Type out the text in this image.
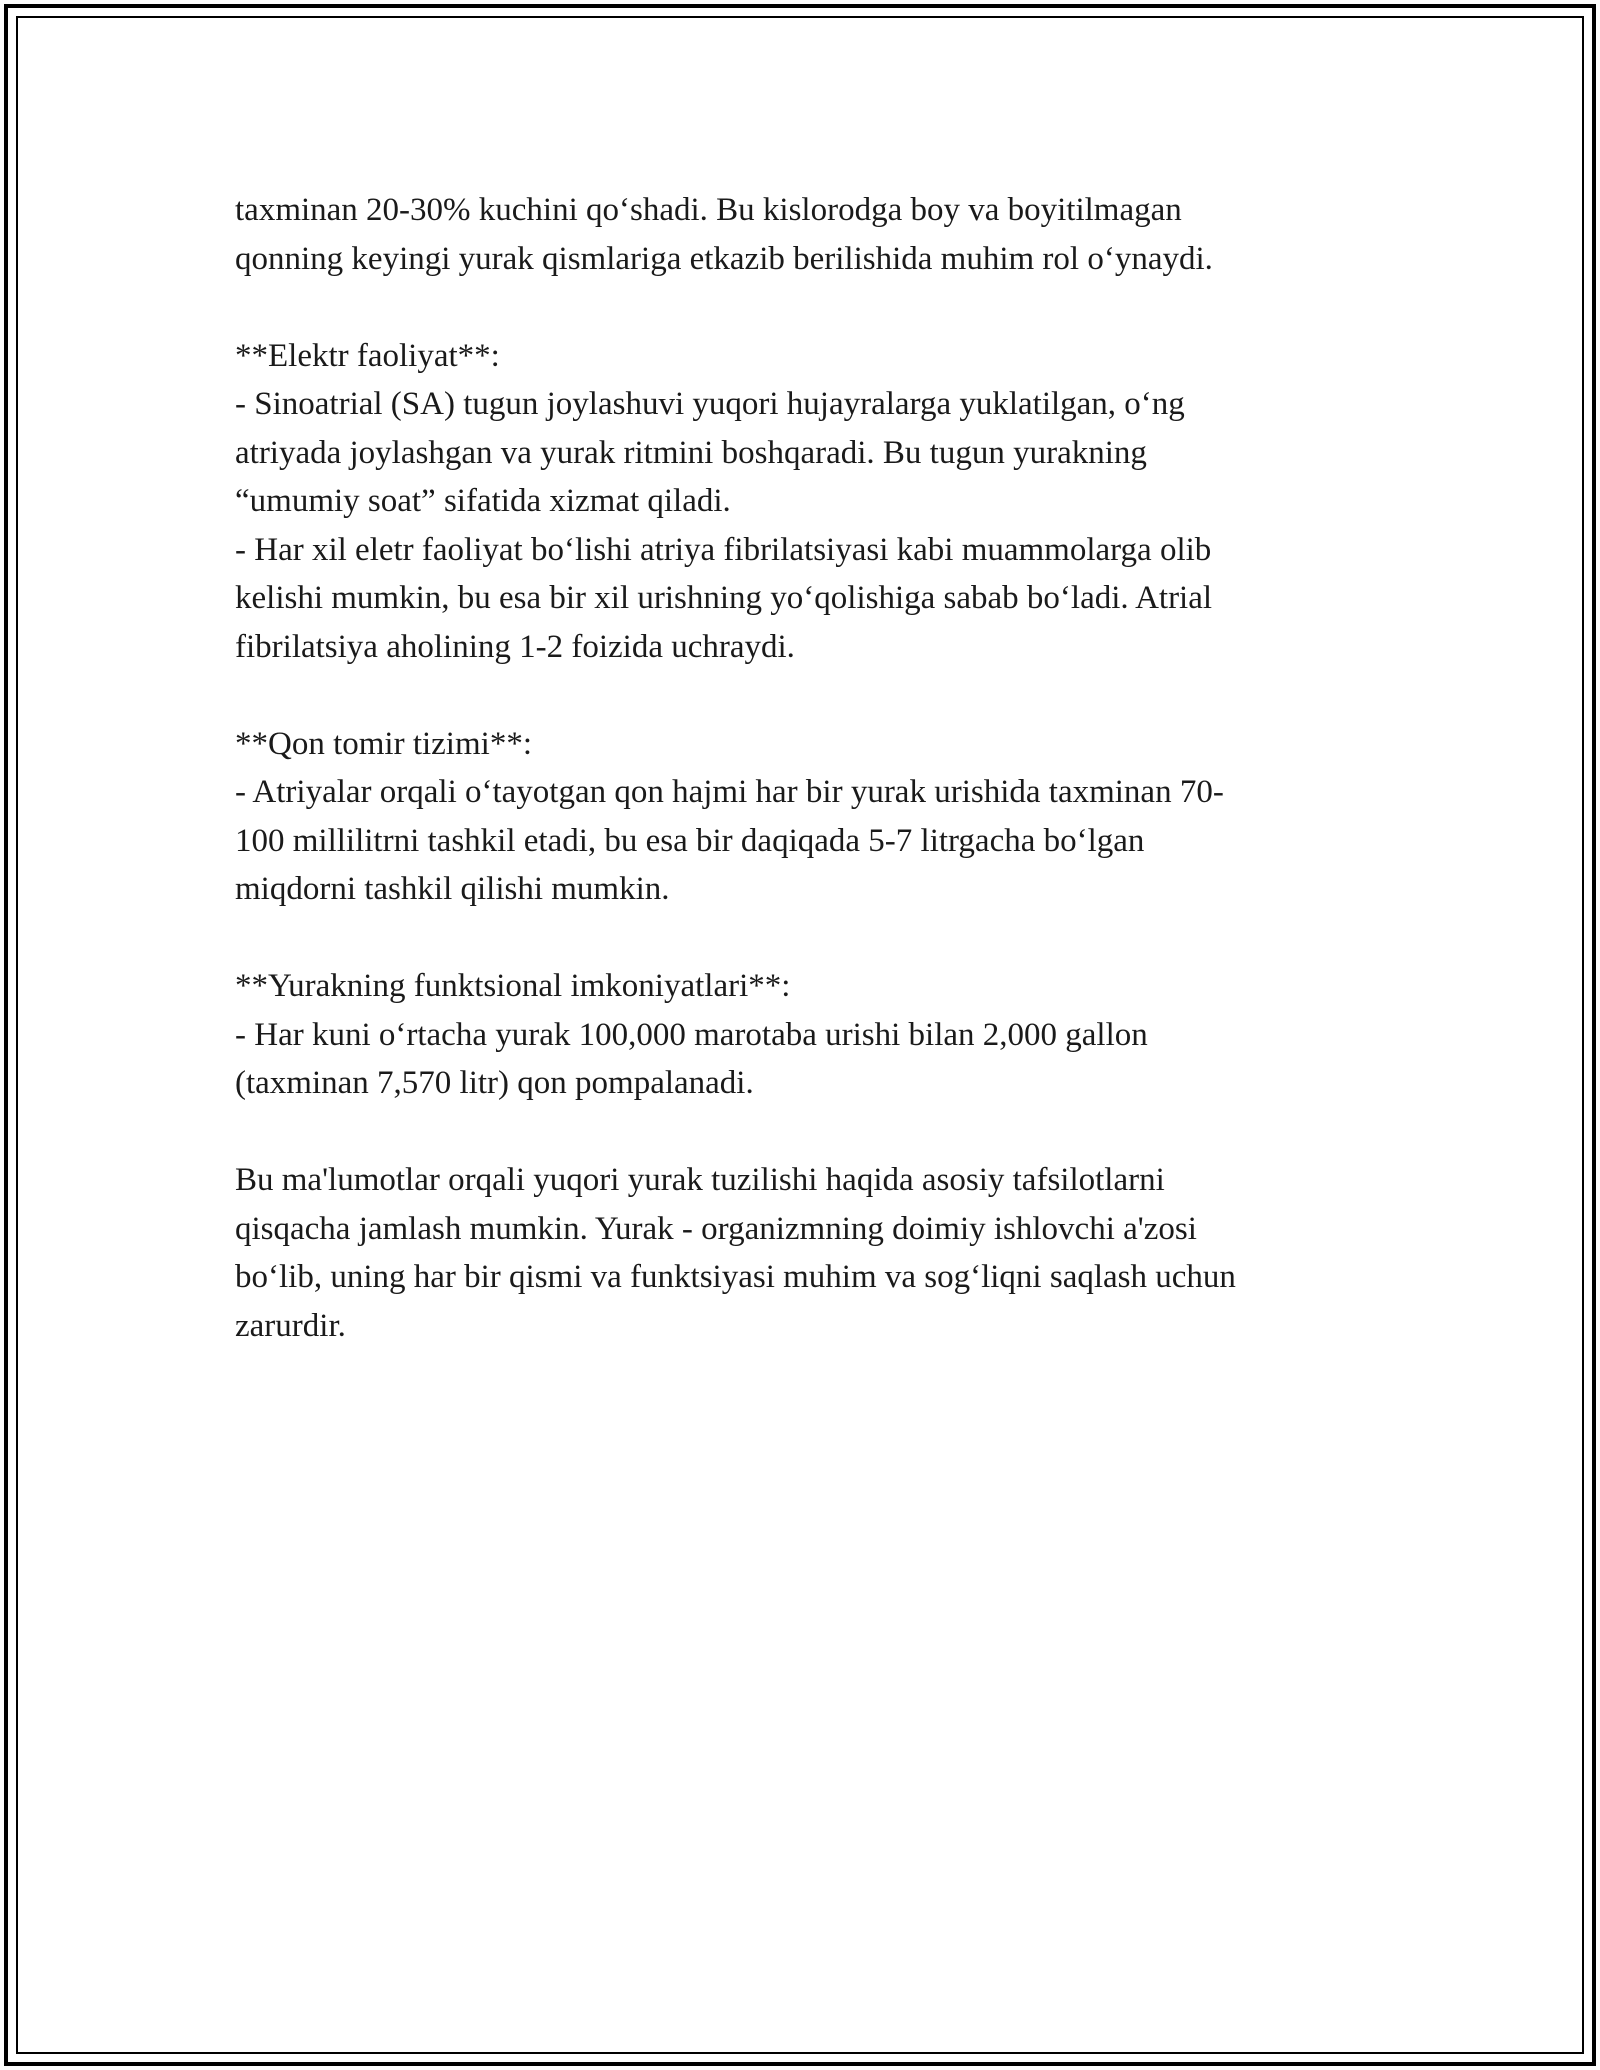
taxminan 20-30% kuchini qo‘shadi. Bu kislorodga boy va boyitilmagan
qonning keyingi yurak qismlariga etkazib berilishida muhim rol o‘ynaydi.

**Elektr faoliyat**:
- Sinoatrial (SA) tugun joylashuvi yuqori hujayralarga yuklatilgan, o‘ng
atriyada joylashgan va yurak ritmini boshqaradi. Bu tugun yurakning
“umumiy soat” sifatida xizmat qiladi.
- Har xil eletr faoliyat bo‘lishi atriya fibrilatsiyasi kabi muammolarga olib
kelishi mumkin, bu esa bir xil urishning yo‘qolishiga sabab bo‘ladi. Atrial
fibrilatsiya aholining 1-2 foizida uchraydi.

**Qon tomir tizimi**:
- Atriyalar orqali o‘tayotgan qon hajmi har bir yurak urishida taxminan 70-
100 millilitrni tashkil etadi, bu esa bir daqiqada 5-7 litrgacha bo‘lgan
miqdorni tashkil qilishi mumkin.

**Yurakning funktsional imkoniyatlari**:
- Har kuni o‘rtacha yurak 100,000 marotaba urishi bilan 2,000 gallon
(taxminan 7,570 litr) qon pompalanadi.

Bu ma'lumotlar orqali yuqori yurak tuzilishi haqida asosiy tafsilotlarni
qisqacha jamlash mumkin. Yurak - organizmning doimiy ishlovchi a'zosi
bo‘lib, uning har bir qismi va funktsiyasi muhim va sog‘liqni saqlash uchun
zarurdir.
